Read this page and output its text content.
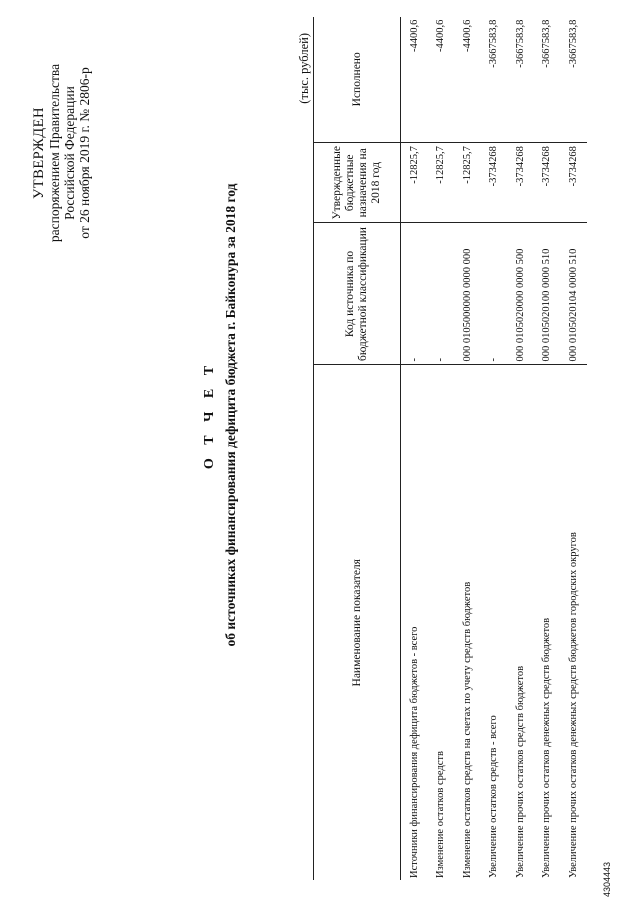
УТВЕРЖДЕН распоряжением Правительства Российской Федерации от 26 ноября 2019 г. № 2806-р
О Т Ч Е Т об источниках финансирования дефицита бюджета г. Байконура за 2018 год
(тыс. рублей)
Наименование показателя	Код источника по бюджетной классификации	Утвержденные бюджетные назначения на 2018 год	Исполнено
Источники финансирования дефицита бюджетов - всего	-	-12825,7	-4400,6
Изменение остатков средств	-	-12825,7	-4400,6
Изменение остатков средств на счетах по учету средств бюджетов	000 0105000000 0000 000	-12825,7	-4400,6
Увеличение остатков средств - всего	-	-3734268	-3667583,8
Увеличение прочих остатков средств бюджетов	000 0105020000 0000 500	-3734268	-3667583,8
Увеличение прочих остатков денежных средств бюджетов	000 0105020100 0000 510	-3734268	-3667583,8
Увеличение прочих остатков денежных средств бюджетов городских округов	000 0105020104 0000 510	-3734268	-3667583,8
4304443
